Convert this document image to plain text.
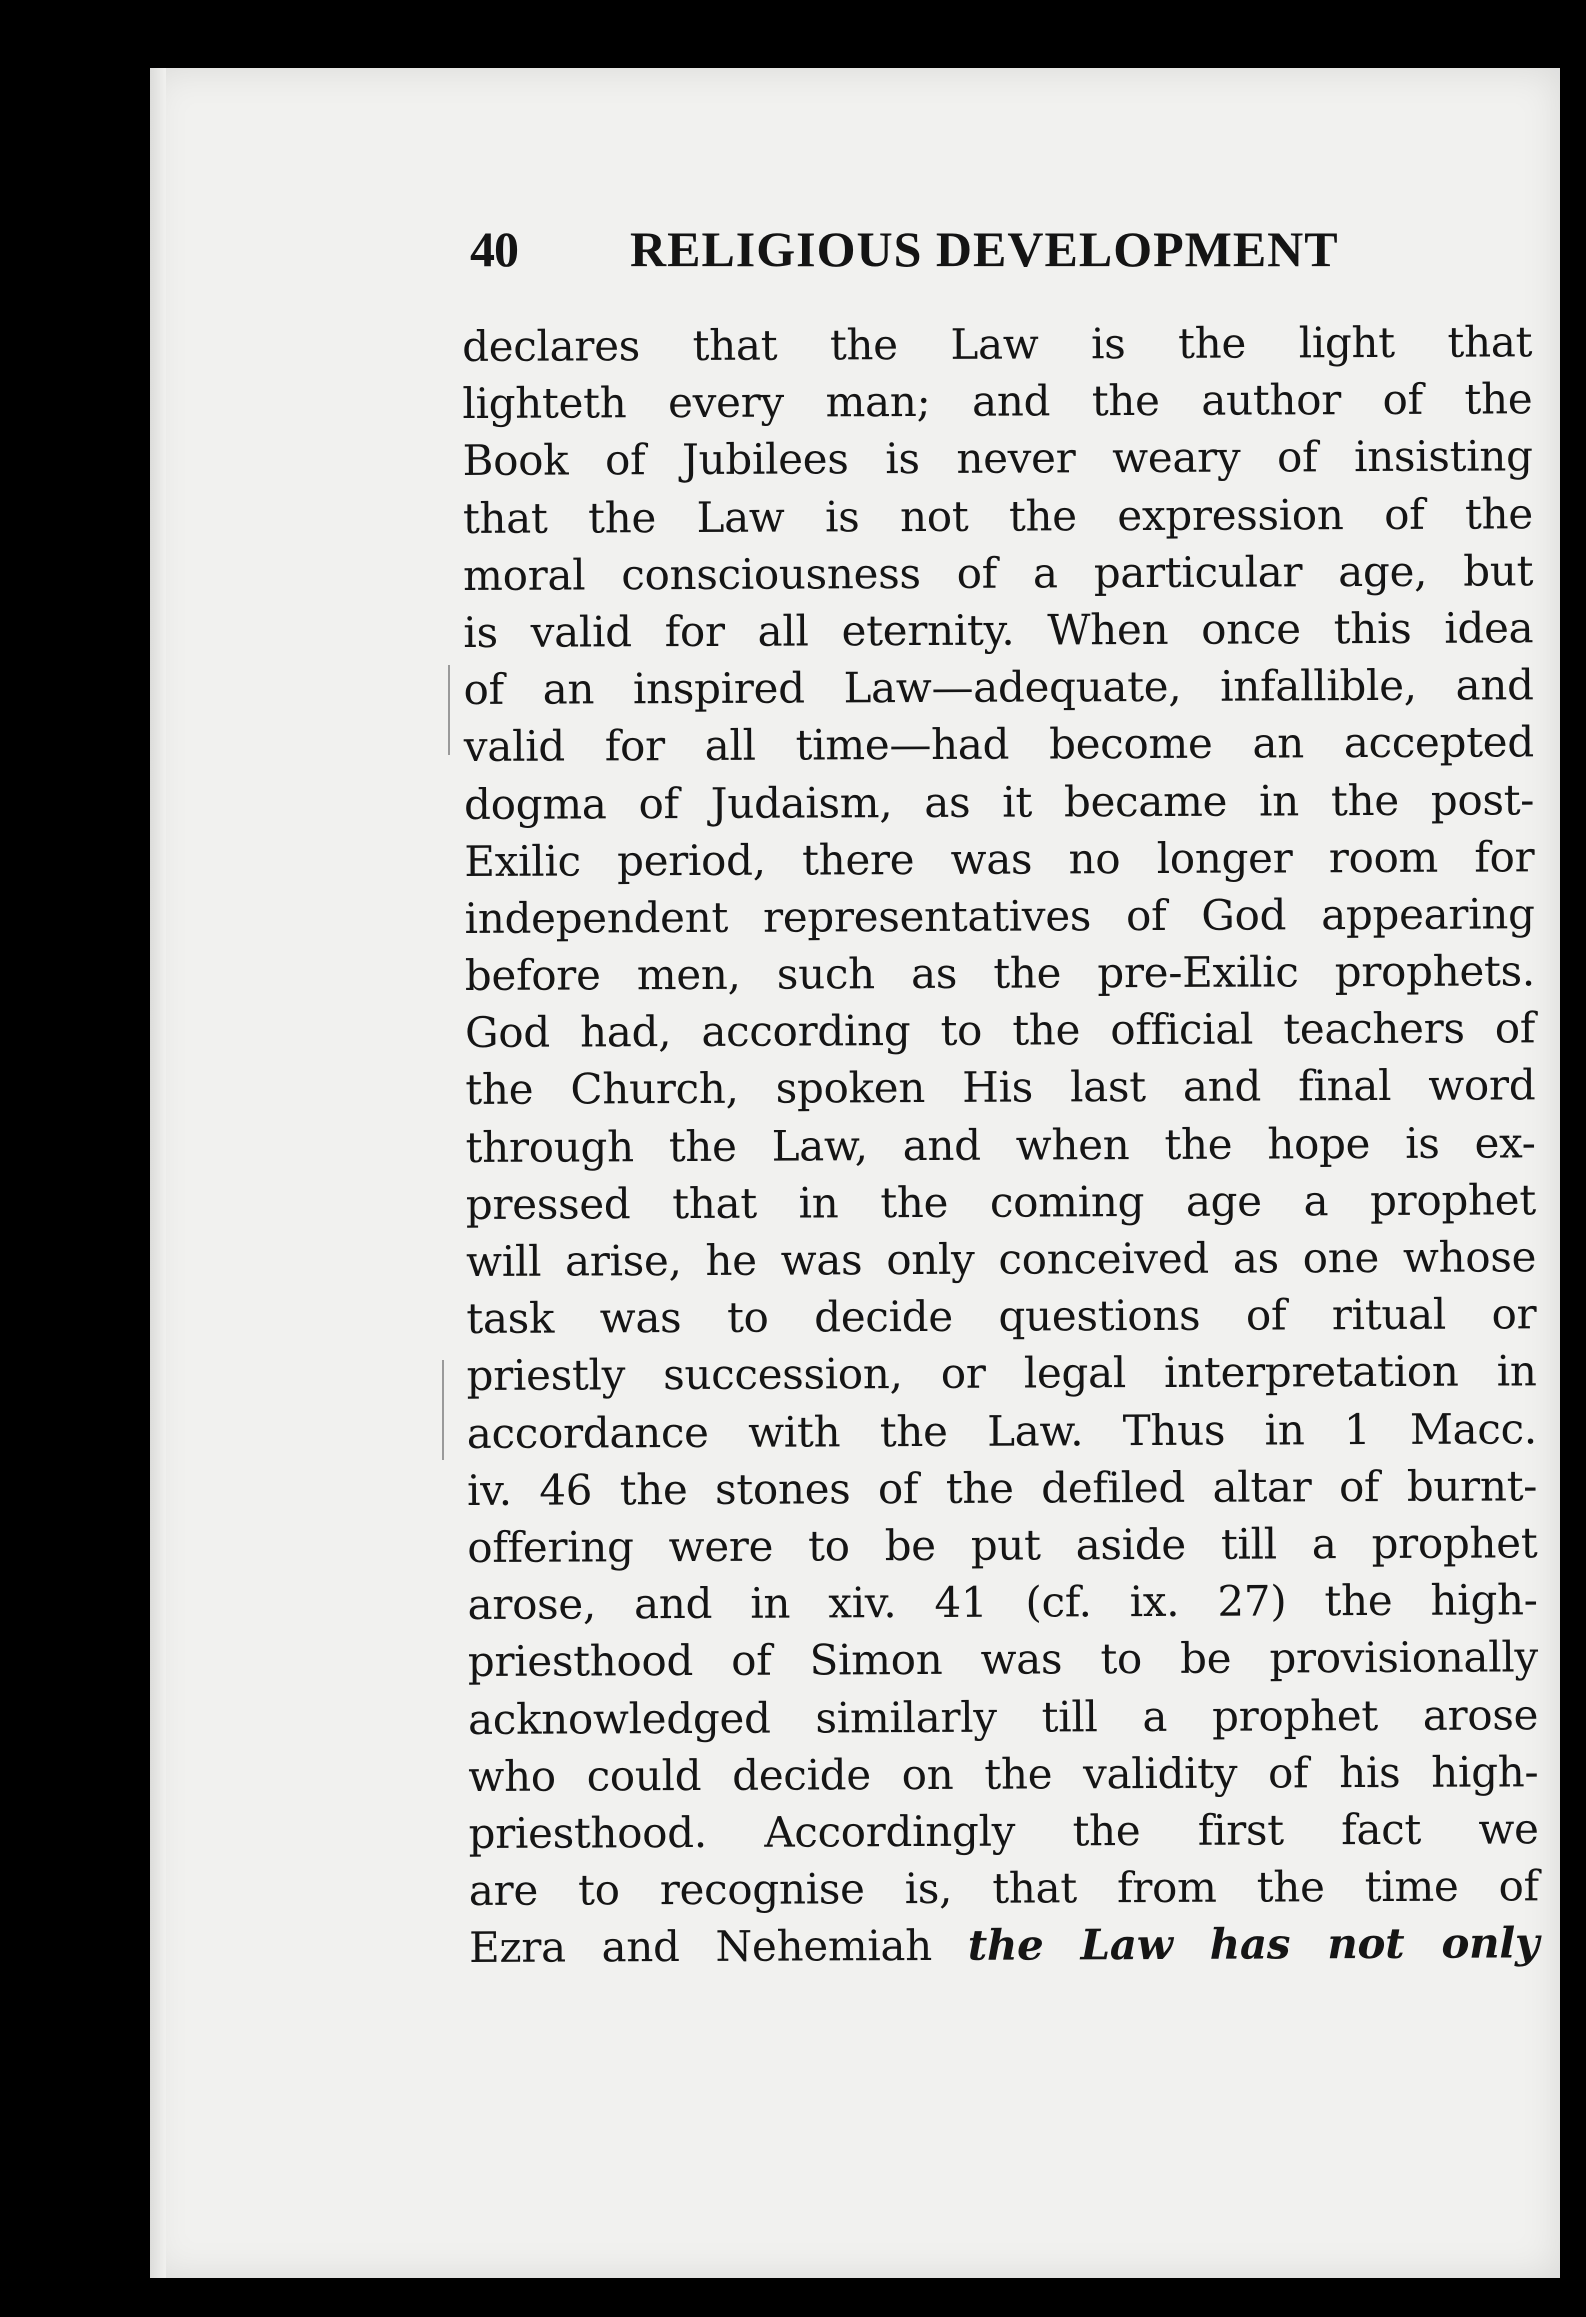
40 RELIGIOUS DEVELOPMENT
declares that the Law is the light that
lighteth every man; and the author of the
Book of Jubilees is never weary of insisting
that the Law is not the expression of the
moral consciousness of a particular age, but
is valid for all eternity. When once this idea
of an inspired Law—adequate, infallible, and
valid for all time—had become an accepted
dogma of Judaism, as it became in the post-
Exilic period, there was no longer room for
independent representatives of God appearing
before men, such as the pre-Exilic prophets.
God had, according to the official teachers of
the Church, spoken His last and final word
through the Law, and when the hope is ex-
pressed that in the coming age a prophet
will arise, he was only conceived as one whose
task was to decide questions of ritual or
priestly succession, or legal interpretation in
accordance with the Law. Thus in 1 Macc.
iv. 46 the stones of the defiled altar of burnt-
offering were to be put aside till a prophet
arose, and in xiv. 41 (cf. ix. 27) the high-
priesthood of Simon was to be provisionally
acknowledged similarly till a prophet arose
who could decide on the validity of his high-
priesthood. Accordingly the first fact we
are to recognise is, that from the time of
Ezra and Nehemiah the Law has not only
